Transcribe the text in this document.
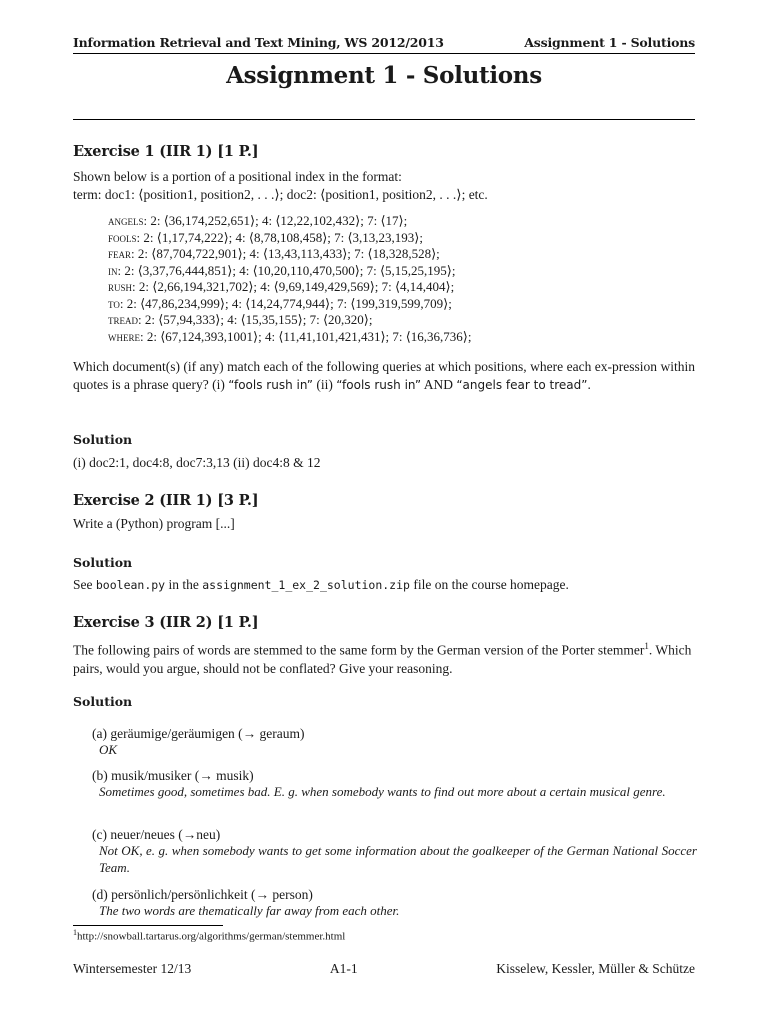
Information Retrieval and Text Mining, WS 2012/2013	Assignment 1 - Solutions
Assignment 1 - Solutions
Exercise 1 (IIR 1) [1 P.]
Shown below is a portion of a positional index in the format:
term: doc1: ⟨position1, position2, . . .⟩; doc2: ⟨position1, position2, . . .⟩; etc.
angels: 2: ⟨36,174,252,651⟩; 4: ⟨12,22,102,432⟩; 7: ⟨17⟩;
fools: 2: ⟨1,17,74,222⟩; 4: ⟨8,78,108,458⟩; 7: ⟨3,13,23,193⟩;
fear: 2: ⟨87,704,722,901⟩; 4: ⟨13,43,113,433⟩; 7: ⟨18,328,528⟩;
in: 2: ⟨3,37,76,444,851⟩; 4: ⟨10,20,110,470,500⟩; 7: ⟨5,15,25,195⟩;
rush: 2: ⟨2,66,194,321,702⟩; 4: ⟨9,69,149,429,569⟩; 7: ⟨4,14,404⟩;
to: 2: ⟨47,86,234,999⟩; 4: ⟨14,24,774,944⟩; 7: ⟨199,319,599,709⟩;
tread: 2: ⟨57,94,333⟩; 4: ⟨15,35,155⟩; 7: ⟨20,320⟩;
where: 2: ⟨67,124,393,1001⟩; 4: ⟨11,41,101,421,431⟩; 7: ⟨16,36,736⟩;
Which document(s) (if any) match each of the following queries at which positions, where each ex-pression within quotes is a phrase query? (i) “fools rush in” (ii) “fools rush in” AND “angels fear to tread”.
Solution
(i) doc2:1, doc4:8, doc7:3,13 (ii) doc4:8 & 12
Exercise 2 (IIR 1) [3 P.]
Write a (Python) program [...]
Solution
See boolean.py in the assignment_1_ex_2_solution.zip file on the course homepage.
Exercise 3 (IIR 2) [1 P.]
The following pairs of words are stemmed to the same form by the German version of the Porter stemmer$^1$. Which pairs, would you argue, should not be conflated? Give your reasoning.
Solution
(a) geräumige/geräumigen (→ geraum)
OK
(b) musik/musiker (→ musik)
Sometimes good, sometimes bad. E. g. when somebody wants to find out more about a certain musical genre.
(c) neuer/neues (→neu)
Not OK, e. g. when somebody wants to get some information about the goalkeeper of the German National Soccer Team.
(d) persönlich/persönlichkeit (→ person)
The two words are thematically far away from each other.
$^1$http://snowball.tartarus.org/algorithms/german/stemmer.html
Wintersemester 12/13	A1-1	Kisselew, Kessler, Müller & Schütze
